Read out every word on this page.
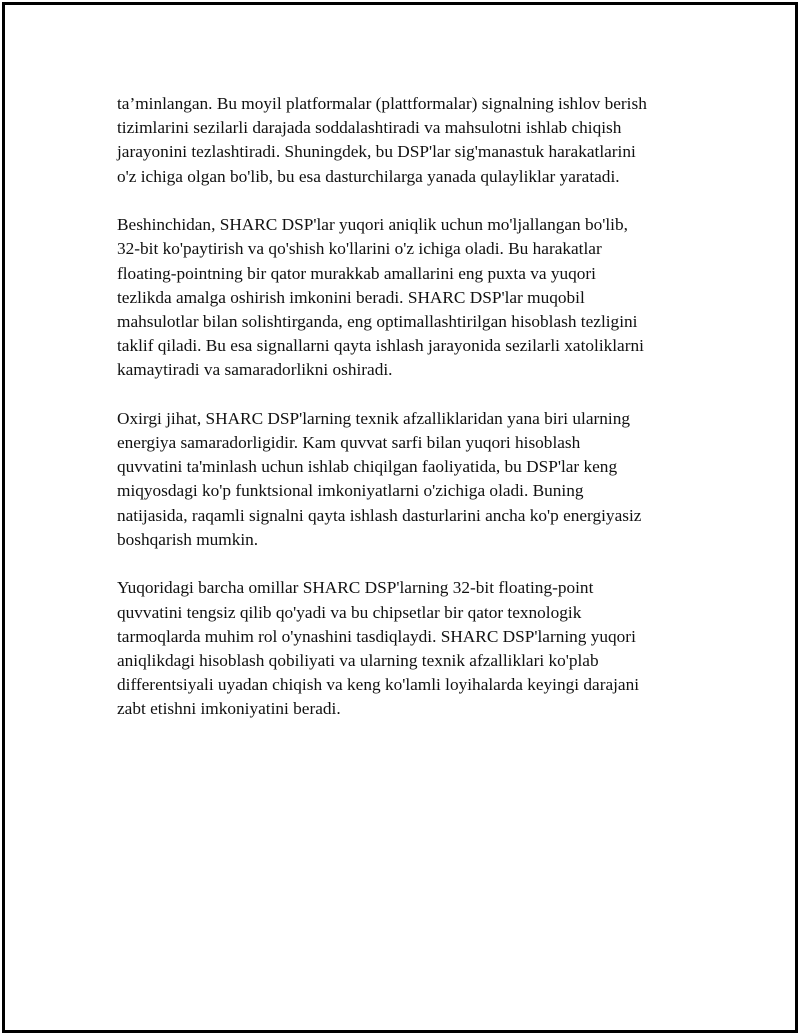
ta’minlangan. Bu moyil platformalar (plattformalar) signalning ishlov berish
tizimlarini sezilarli darajada soddalashtiradi va mahsulotni ishlab chiqish
jarayonini tezlashtiradi. Shuningdek, bu DSP'lar sig'manastuk harakatlarini
o'z ichiga olgan bo'lib, bu esa dasturchilarga yanada qulayliklar yaratadi.

Beshinchidan, SHARC DSP'lar yuqori aniqlik uchun mo'ljallangan bo'lib,
32-bit ko'paytirish va qo'shish ko'llarini o'z ichiga oladi. Bu harakatlar
floating-pointning bir qator murakkab amallarini eng puxta va yuqori
tezlikda amalga oshirish imkonini beradi. SHARC DSP'lar muqobil
mahsulotlar bilan solishtirganda, eng optimallashtirilgan hisoblash tezligini
taklif qiladi. Bu esa signallarni qayta ishlash jarayonida sezilarli xatoliklarni
kamaytiradi va samaradorlikni oshiradi.

Oxirgi jihat, SHARC DSP'larning texnik afzalliklaridan yana biri ularning
energiya samaradorligidir. Kam quvvat sarfi bilan yuqori hisoblash
quvvatini ta'minlash uchun ishlab chiqilgan faoliyatida, bu DSP'lar keng
miqyosdagi ko'p funktsional imkoniyatlarni o'zichiga oladi. Buning
natijasida, raqamli signalni qayta ishlash dasturlarini ancha ko'p energiyasiz
boshqarish mumkin.

Yuqoridagi barcha omillar SHARC DSP'larning 32-bit floating-point
quvvatini tengsiz qilib qo'yadi va bu chipsetlar bir qator texnologik
tarmoqlarda muhim rol o'ynashini tasdiqlaydi. SHARC DSP'larning yuqori
aniqlikdagi hisoblash qobiliyati va ularning texnik afzalliklari ko'plab
differentsiyali uyadan chiqish va keng ko'lamli loyihalarda keyingi darajani
zabt etishni imkoniyatini beradi.
